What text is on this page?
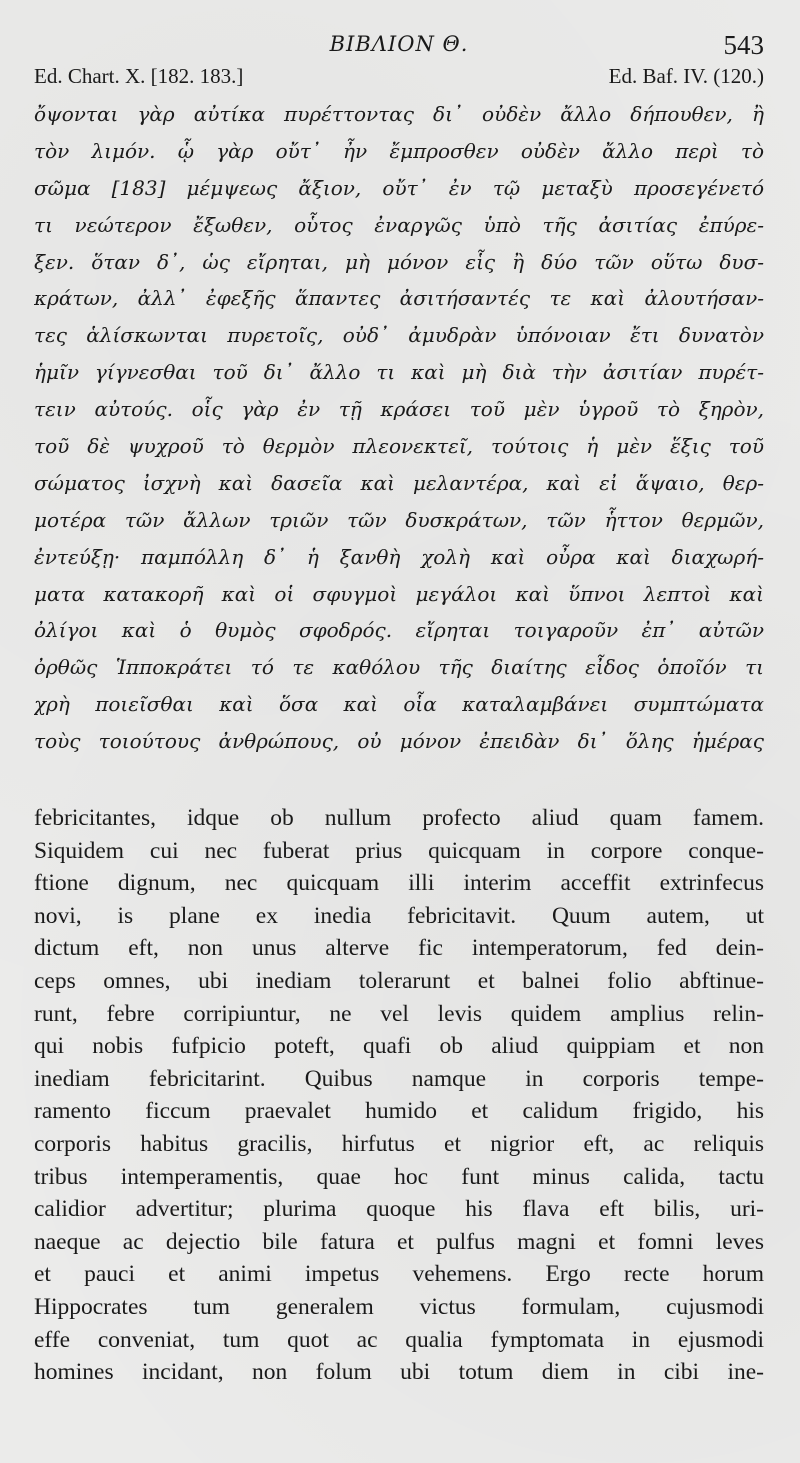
ΒΙΒΛΙΟΝ Θ.	543
Ed. Chart. X. [182. 183.]	Ed. Baf. IV. (120.)
ὄψονται γὰρ αὐτίκα πυρέττοντας δι᾽ οὐδὲν ἄλλο δήπουθεν, ἢ
τὸν λιμόν. ᾧ γὰρ οὔτ᾽ ἦν ἔμπροσθεν οὐδὲν ἄλλο περὶ τὸ
σῶμα [183] μέμψεως ἄξιον, οὔτ᾽ ἐν τῷ μεταξὺ προσεγένετό
τι νεώτερον ἔξωθεν, οὗτος ἐναργῶς ὑπὸ τῆς ἀσιτίας ἐπύρε-
ξεν. ὅταν δ᾽, ὡς εἴρηται, μὴ μόνον εἷς ἢ δύο τῶν οὕτω δυσ-
κράτων, ἀλλ᾽ ἐφεξῆς ἅπαντες ἀσιτήσαντές τε καὶ ἀλουτήσαν-
τες ἁλίσκωνται πυρετοῖς, οὐδ᾽ ἀμυδρὰν ὑπόνοιαν ἔτι δυνατὸν
ἡμῖν γίγνεσθαι τοῦ δι᾽ ἄλλο τι καὶ μὴ διὰ τὴν ἀσιτίαν πυρέτ-
τειν αὐτούς. οἷς γὰρ ἐν τῇ κράσει τοῦ μὲν ὑγροῦ τὸ ξηρὸν,
τοῦ δὲ ψυχροῦ τὸ θερμὸν πλεονεκτεῖ, τούτοις ἡ μὲν ἕξις τοῦ
σώματος ἰσχνὴ καὶ δασεῖα καὶ μελαντέρα, καὶ εἰ ἅψαιο, θερ-
μοτέρα τῶν ἄλλων τριῶν τῶν δυσκράτων, τῶν ἧττον θερμῶν,
ἐντεύξῃ· παμπόλλη δ᾽ ἡ ξανθὴ χολὴ καὶ οὖρα καὶ διαχωρή-
ματα κατακορῆ καὶ οἱ σφυγμοὶ μεγάλοι καὶ ὕπνοι λεπτοὶ καὶ
ὀλίγοι καὶ ὁ θυμὸς σφοδρός. εἴρηται τοιγαροῦν ἐπ᾽ αὐτῶν
ὀρθῶς Ἱπποκράτει τό τε καθόλου τῆς διαίτης εἶδος ὁποῖόν τι
χρὴ ποιεῖσθαι καὶ ὅσα καὶ οἷα καταλαμβάνει συμπτώματα
τοὺς τοιούτους ἀνθρώπους, οὐ μόνον ἐπειδὰν δι᾽ ὅλης ἡμέρας
febricitantes, idque ob nullum profecto aliud quam famem.
Siquidem cui nec fuberat prius quicquam in corpore conque-
ftione dignum, nec quicquam illi interim acceffit extrinfecus
novi, is plane ex inedia febricitavit. Quum autem, ut
dictum eft, non unus alterve fic intemperatorum, fed dein-
ceps omnes, ubi inediam tolerarunt et balnei folio abftinue-
runt, febre corripiuntur, ne vel levis quidem amplius relin-
qui nobis fufpicio poteft, quafi ob aliud quippiam et non
inediam febricitarint. Quibus namque in corporis tempe-
ramento ficcum praevalet humido et calidum frigido, his
corporis habitus gracilis, hirfutus et nigrior eft, ac reliquis
tribus intemperamentis, quae hoc funt minus calida, tactu
calidior advertitur; plurima quoque his flava eft bilis, uri-
naeque ac dejectio bile fatura et pulfus magni et fomni leves
et pauci et animi impetus vehemens. Ergo recte horum
Hippocrates tum generalem victus formulam, cujusmodi
effe conveniat, tum quot ac qualia fymptomata in ejusmodi
homines incidant, non folum ubi totum diem in cibi ine-
